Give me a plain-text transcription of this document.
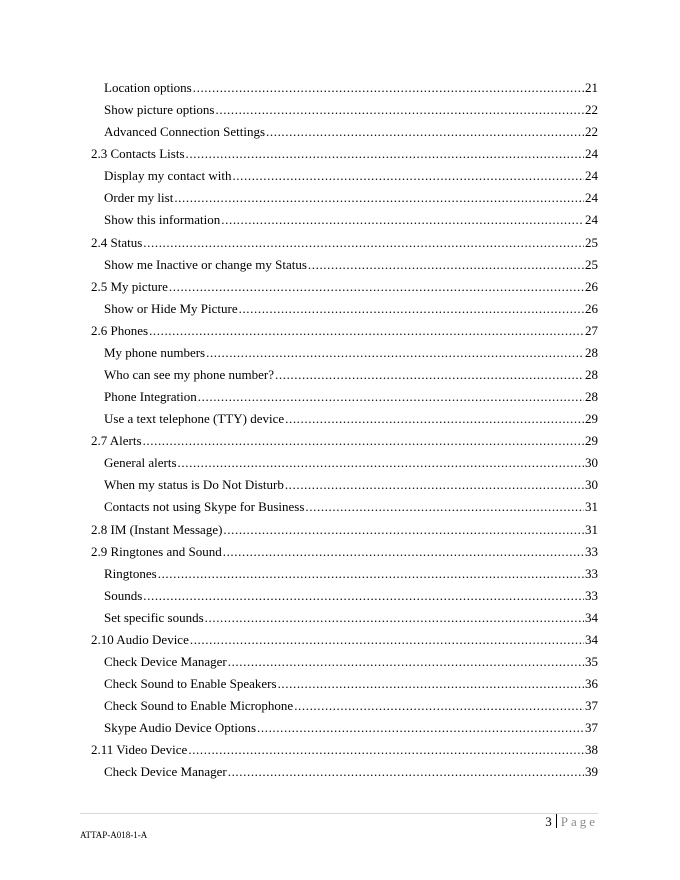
Location options .....	21
Show picture options .....	22
Advanced Connection Settings .....	22
2.3 Contacts Lists .....	24
Display my contact with .....	24
Order my list .....	24
Show this information .....	24
2.4 Status .....	25
Show me Inactive or change my Status .....	25
2.5 My picture .....	26
Show or Hide My Picture .....	26
2.6 Phones .....	27
My phone numbers .....	28
Who can see my phone number? .....	28
Phone Integration .....	28
Use a text telephone (TTY) device .....	29
2.7 Alerts .....	29
General alerts .....	30
When my status is Do Not Disturb .....	30
Contacts not using Skype for Business .....	31
2.8 IM (Instant Message) .....	31
2.9 Ringtones and Sound .....	33
Ringtones .....	33
Sounds .....	33
Set specific sounds .....	34
2.10 Audio Device .....	34
Check Device Manager .....	35
Check Sound to Enable Speakers .....	36
Check Sound to Enable Microphone .....	37
Skype Audio Device Options .....	37
2.11 Video Device .....	38
Check Device Manager .....	39
3 Page
ATTAP-A018-1-A
